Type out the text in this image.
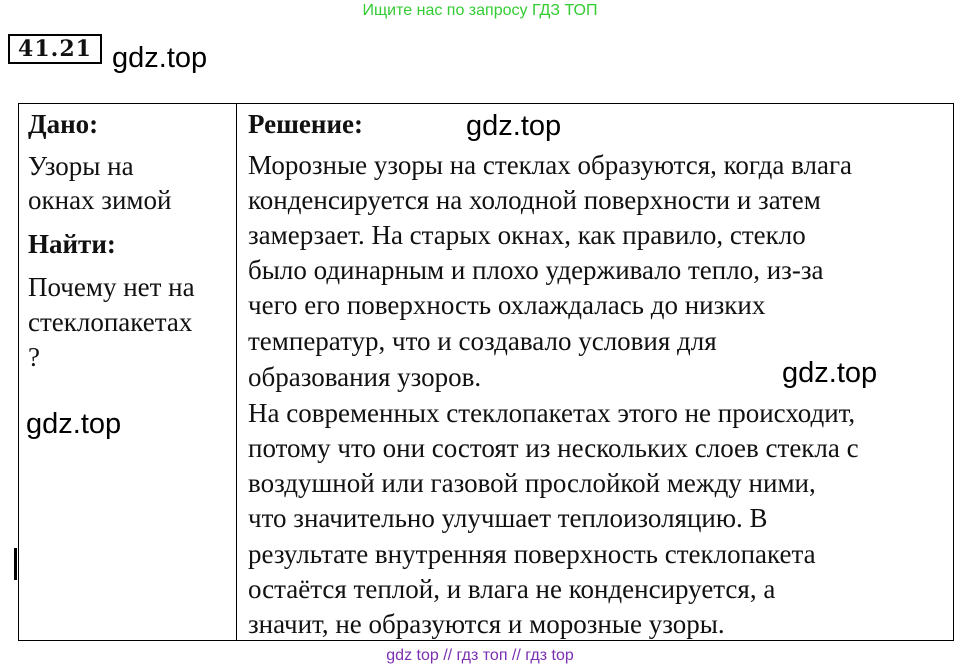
Ищите нас по запросу ГДЗ ТОП
41.21 gdz.top
Дано:
Узоры на
окнах зимой
Найти:
Почему нет на
стеклопакетах
?
gdz.top
Решение:	gdz.top
Морозные узоры на стеклах образуются, когда влага
конденсируется на холодной поверхности и затем
замерзает. На старых окнах, как правило, стекло
было одинарным и плохо удерживало тепло, из-за
чего его поверхность охлаждалась до низких
температур, что и создавало условия для
образования узоров.	gdz.top
На современных стеклопакетах этого не происходит,
потому что они состоят из нескольких слоев стекла с
воздушной или газовой прослойкой между ними,
что значительно улучшает теплоизоляцию. В
результате внутренняя поверхность стеклопакета
остаётся теплой, и влага не конденсируется, а
значит, не образуются и морозные узоры.
gdz top // гдз топ // гдз top
